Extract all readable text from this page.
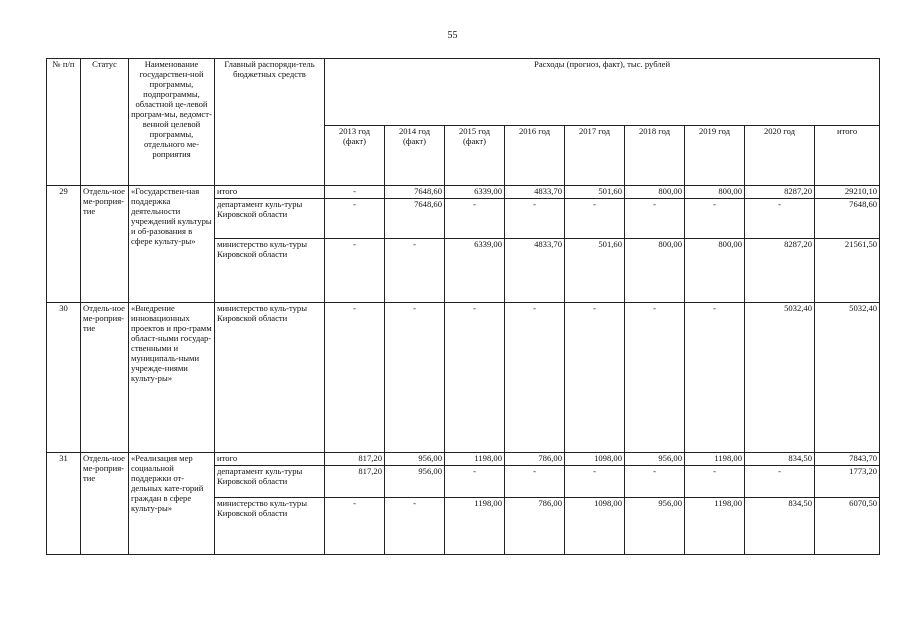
55
№ п/п	Статус	Наименование государствен-ной программы, подпрограммы, областной це-левой програм-мы, ведомст-венной целевой программы, отдельного ме-роприятия	Главный распоряди-тель бюджетных средств	Расходы (прогноз, факт), тыс. рублей								
				2013 год (факт)	2014 год (факт)	2015 год (факт)	2016 год	2017 год	2018 год	2019 год	2020 год	итого
29	Отдель-ное ме-роприя-тие	«Государствен-ная поддержка деятельности учреждений культуры и об-разования в сфере культу-ры»	итого	-	7648,60	6339,00	4833,70	501,60	800,00	800,00	8287,20	29210,10
			департамент куль-туры Кировской области	-	7648,60	-	-	-	-	-	-	7648,60
			министерство куль-туры Кировской области	-	-	6339,00	4833,70	501,60	800,00	800,00	8287,20	21561,50
30	Отдель-ное ме-роприя-тие	«Внедрение инновационных проектов и про-грамм област-ными государ-ственными и муниципаль-ными учрежде-ниями культу-ры»	министерство куль-туры Кировской области	-	-	-	-	-	-	-	5032,40	5032,40
31	Отдель-ное ме-роприя-тие	«Реализация мер социальной поддержки от-дельных кате-горий граждан в сфере культу-ры»	итого	817,20	956,00	1198,00	786,00	1098,00	956,00	1198,00	834,50	7843,70
			департамент куль-туры Кировской области	817,20	956,00	-	-	-	-	-	-	1773,20
			министерство куль-туры Кировской области	-	-	1198,00	786,00	1098,00	956,00	1198,00	834,50	6070,50
